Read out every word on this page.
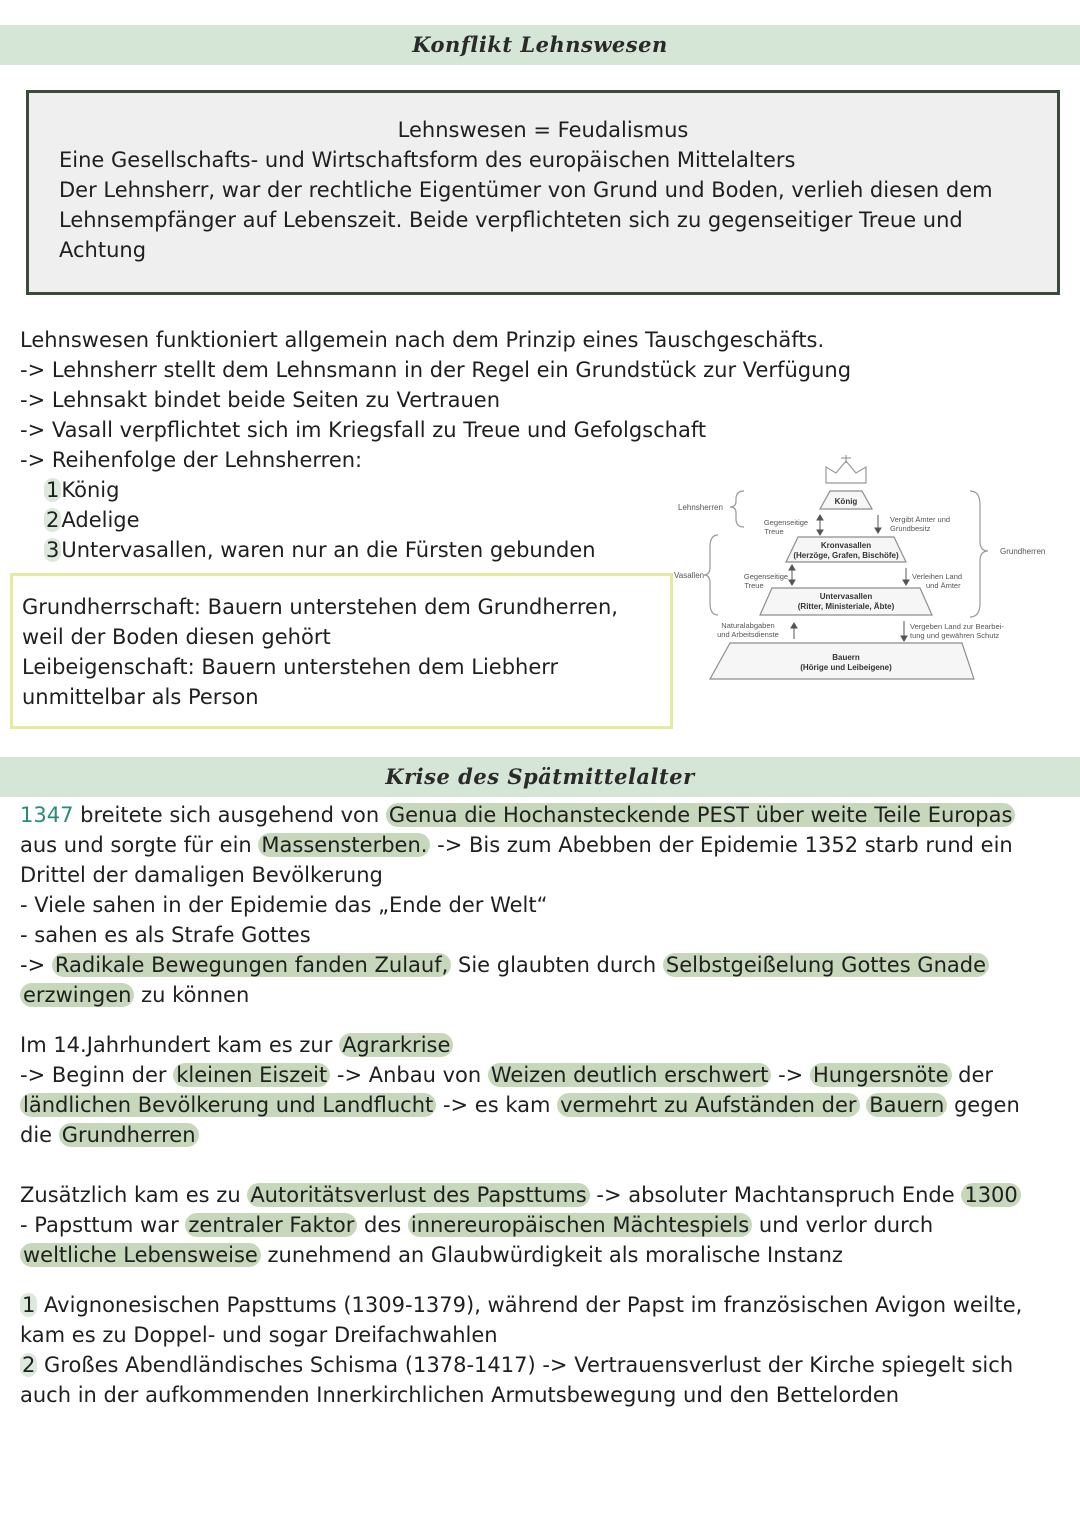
Konflikt Lehnswesen
Lehnswesen = Feudalismus
Eine Gesellschafts- und Wirtschaftsform des europäischen Mittelalters
Der Lehnsherr, war der rechtliche Eigentümer von Grund und Boden, verlieh diesen dem
Lehnsempfänger auf Lebenszeit. Beide verpflichteten sich zu gegenseitiger Treue und
Achtung
Lehnswesen funktioniert allgemein nach dem Prinzip eines Tauschgeschäfts.
-> Lehnsherr stellt dem Lehnsmann in der Regel ein Grundstück zur Verfügung
-> Lehnsakt bindet beide Seiten zu Vertrauen
-> Vasall verpflichtet sich im Kriegsfall zu Treue und Gefolgschaft
-> Reihenfolge der Lehnsherren:
1König
2Adelige
3Untervasallen, waren nur an die Fürsten gebunden
Grundherrschaft: Bauern unterstehen dem Grundherren,
weil der Boden diesen gehört
Leibeigenschaft: Bauern unterstehen dem Liebherr
unmittelbar als Person
König
Kronvasallen
(Herzöge, Grafen, Bischöfe)
Untervasallen
(Ritter, Ministeriale, Äbte)
Bauern
(Hörige und Leibeigene)
Gegenseitige
Treue
Gegenseitige
Treue
Naturalabgaben
und Arbeitsdienste
Vergibt Ämter und
Grundbesitz
Verleihen Land
und Ämter
Vergeben Land zur Bearbei-
tung und gewähren Schutz
Lehnsherren
Vasallen
Grundherren
Krise des Spätmittelalter
1347 breitete sich ausgehend von Genua die Hochansteckende PEST über weite Teile Europas
aus und sorgte für ein Massensterben. -> Bis zum Abebben der Epidemie 1352 starb rund ein
Drittel der damaligen Bevölkerung
- Viele sahen in der Epidemie das „Ende der Welt“
- sahen es als Strafe Gottes
-> Radikale Bewegungen fanden Zulauf, Sie glaubten durch Selbstgeißelung Gottes Gnade
erzwingen zu können
Im 14.Jahrhundert kam es zur Agrarkrise
-> Beginn der kleinen Eiszeit -> Anbau von Weizen deutlich erschwert -> Hungersnöte der
ländlichen Bevölkerung und Landflucht -> es kam vermehrt zu Aufständen der Bauern gegen
die Grundherren
Zusätzlich kam es zu Autoritätsverlust des Papsttums -> absoluter Machtanspruch Ende 1300
- Papsttum war zentraler Faktor des innereuropäischen Mächtespiels und verlor durch
weltliche Lebensweise zunehmend an Glaubwürdigkeit als moralische Instanz
1 Avignonesischen Papsttums (1309-1379), während der Papst im französischen Avigon weilte,
kam es zu Doppel- und sogar Dreifachwahlen
2 Großes Abendländisches Schisma (1378-1417) -> Vertrauensverlust der Kirche spiegelt sich
auch in der aufkommenden Innerkirchlichen Armutsbewegung und den Bettelorden
